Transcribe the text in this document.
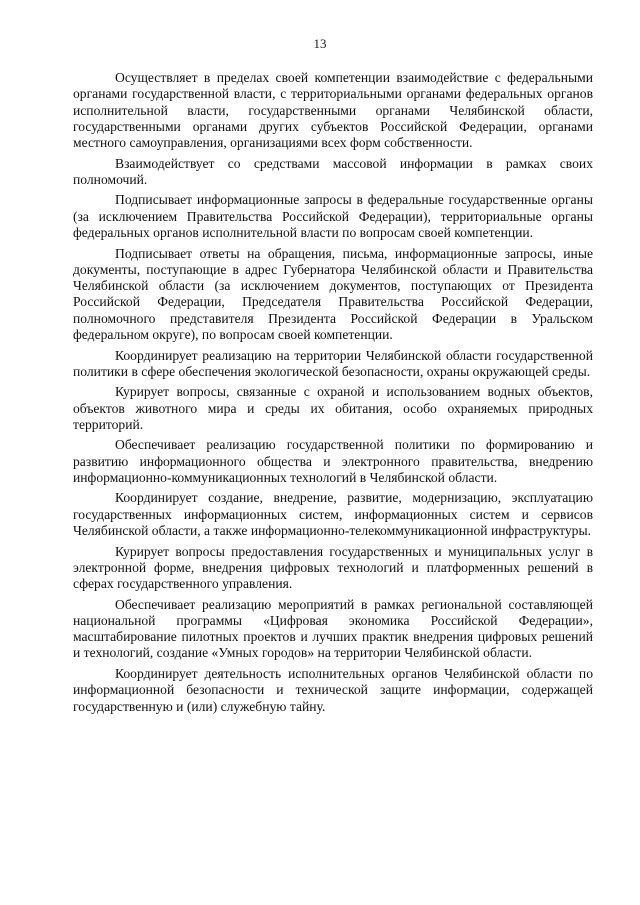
13

Осуществляет в пределах своей компетенции взаимодействие с федеральными органами государственной власти, с территориальными органами федеральных органов исполнительной власти, государственными органами Челябинской области, государственными органами других субъектов Российской Федерации, органами местного самоуправления, организациями всех форм собственности.

Взаимодействует со средствами массовой информации в рамках своих полномочий.

Подписывает информационные запросы в федеральные государственные органы (за исключением Правительства Российской Федерации), территориальные органы федеральных органов исполнительной власти по вопросам своей компетенции.

Подписывает ответы на обращения, письма, информационные запросы, иные документы, поступающие в адрес Губернатора Челябинской области и Правительства Челябинской области (за исключением документов, поступающих от Президента Российской Федерации, Председателя Правительства Российской Федерации, полномочного представителя Президента Российской Федерации в Уральском федеральном округе), по вопросам своей компетенции.

Координирует реализацию на территории Челябинской области государственной политики в сфере обеспечения экологической безопасности, охраны окружающей среды.

Курирует вопросы, связанные с охраной и использованием водных объектов, объектов животного мира и среды их обитания, особо охраняемых природных территорий.

Обеспечивает реализацию государственной политики по формированию и развитию информационного общества и электронного правительства, внедрению информационно-коммуникационных технологий в Челябинской области.

Координирует создание, внедрение, развитие, модернизацию, эксплуатацию государственных информационных систем, информационных систем и сервисов Челябинской области, а также информационно-телекоммуникационной инфраструктуры.

Курирует вопросы предоставления государственных и муниципальных услуг в электронной форме, внедрения цифровых технологий и платформенных решений в сферах государственного управления.

Обеспечивает реализацию мероприятий в рамках региональной составляющей национальной программы «Цифровая экономика Российской Федерации», масштабирование пилотных проектов и лучших практик внедрения цифровых решений и технологий, создание «Умных городов» на территории Челябинской области.

Координирует деятельность исполнительных органов Челябинской области по информационной безопасности и технической защите информации, содержащей государственную и (или) служебную тайну.
